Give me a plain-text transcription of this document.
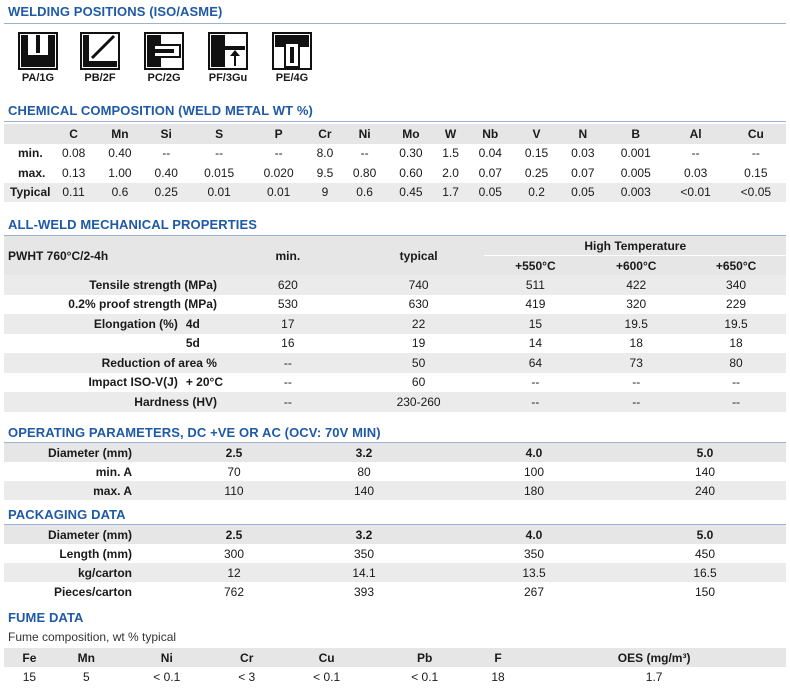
WELDING POSITIONS (ISO/ASME)
PA/1G	PB/2F	PC/2G	PF/3Gu	PE/4G
CHEMICAL COMPOSITION (WELD METAL WT %)
	C	Mn	Si	S	P	Cr	Ni	Mo	W	Nb	V	N	B	Al	Cu
min.	0.08	0.40	--	--	--	8.0	--	0.30	1.5	0.04	0.15	0.03	0.001	--	--
max.	0.13	1.00	0.40	0.015	0.020	9.5	0.80	0.60	2.0	0.07	0.25	0.07	0.005	0.03	0.15
Typical	0.11	0.6	0.25	0.01	0.01	9	0.6	0.45	1.7	0.05	0.2	0.05	0.003	<0.01	<0.05
ALL-WELD MECHANICAL PROPERTIES
PWHT 760°C/2-4h		min.	typical	High Temperature		
				+550°C	+600°C	+650°C
Tensile strength (MPa)		620	740	511	422	340
0.2% proof strength (MPa)		530	630	419	320	229
Elongation (%)	4d	17	22	15	19.5	19.5
	5d	16	19	14	18	18
Reduction of area %		--	50	64	73	80
Impact ISO-V(J)	+ 20°C	--	60	--	--	--
Hardness (HV)		--	230-260	--	--	--
OPERATING PARAMETERS, DC +VE OR AC (OCV: 70V MIN)
Diameter (mm)	2.5	3.2	4.0	5.0
min. A	70	80	100	140
max. A	110	140	180	240
PACKAGING DATA
Diameter (mm)	2.5	3.2	4.0	5.0
Length (mm)	300	350	350	450
kg/carton	12	14.1	13.5	16.5
Pieces/carton	762	393	267	150
FUME DATA
Fume composition, wt % typical
Fe	Mn	Ni	Cr	Cu	Pb	F	OES (mg/m³)
15	5	< 0.1	< 3	< 0.1	< 0.1	18	1.7
